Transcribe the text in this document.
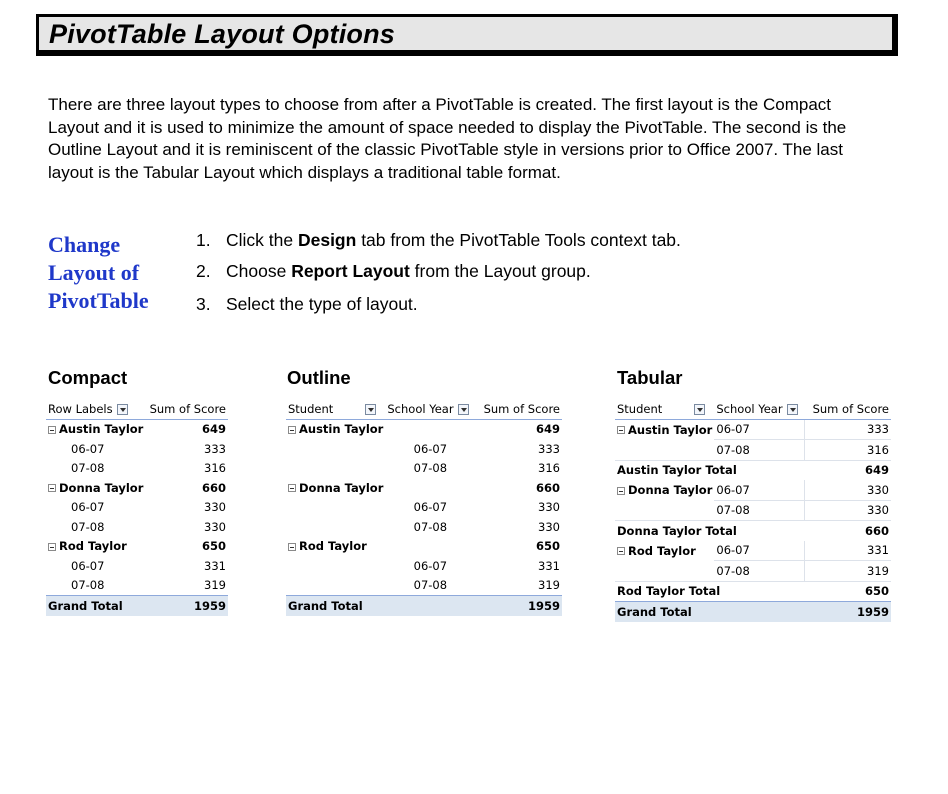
PivotTable Layout Options

There are three layout types to choose from after a PivotTable is created. The first layout is the Compact Layout and it is used to minimize the amount of space needed to display the PivotTable. The second is the Outline Layout and it is reminiscent of the classic PivotTable style in versions prior to Office 2007. The last layout is the Tabular Layout which displays a traditional table format.

Change
Layout of
PivotTable
1. Click the Design tab from the PivotTable Tools context tab.
2. Choose Report Layout from the Layout group.
3. Select the type of layout.
Compact	Outline	Tabular
Row Labels	Sum of Score
Austin Taylor	649
06-07	333
07-08	316
Donna Taylor	660
06-07	330
07-08	330
Rod Taylor	650
06-07	331
07-08	319
Grand Total	1959
Student	School Year	Sum of Score
Austin Taylor		649
	06-07	333
	07-08	316
Donna Taylor		660
	06-07	330
	07-08	330
Rod Taylor		650
	06-07	331
	07-08	319
Grand Total		1959
Student	School Year	Sum of Score
Austin Taylor	06-07	333
	07-08	316
Austin Taylor Total		649
Donna Taylor	06-07	330
	07-08	330
Donna Taylor Total		660
Rod Taylor	06-07	331
	07-08	319
Rod Taylor Total		650
Grand Total		1959
